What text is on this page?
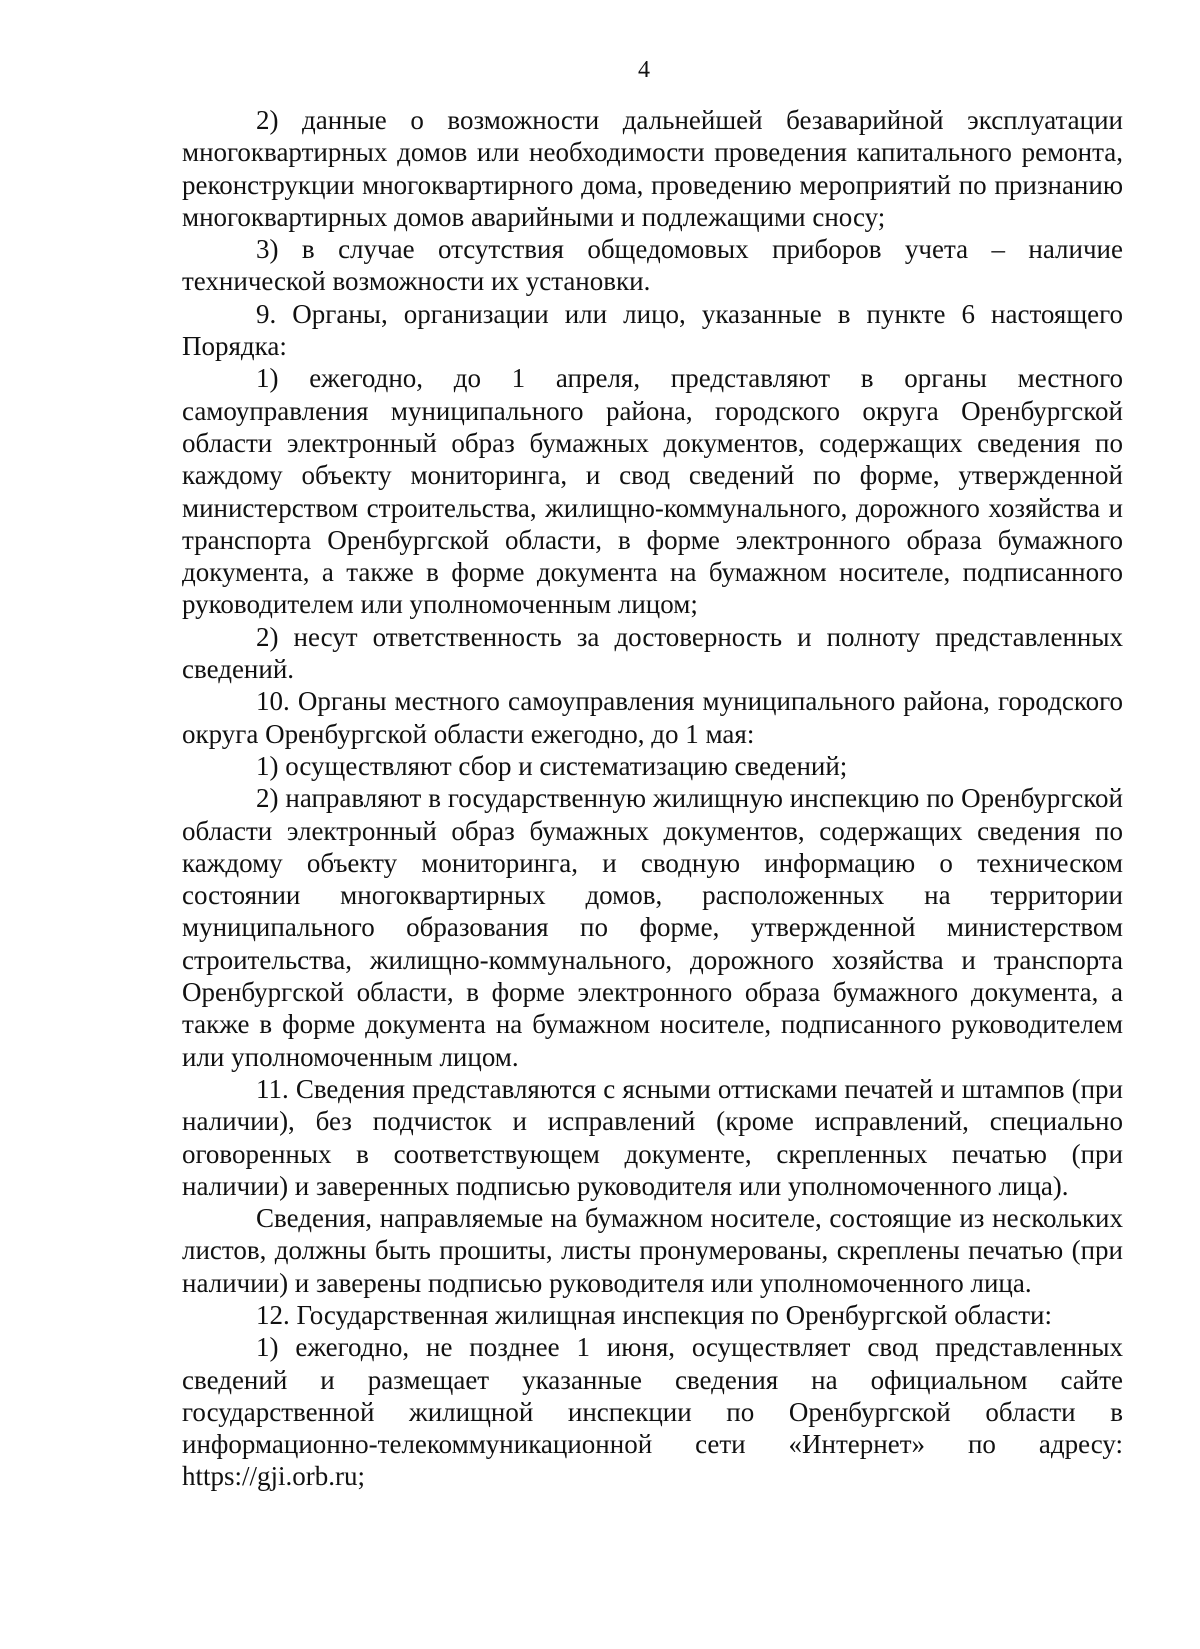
4

2) данные о возможности дальнейшей безаварийной эксплуатации многоквартирных домов или необходимости проведения капитального ремонта, реконструкции многоквартирного дома, проведению мероприятий по признанию многоквартирных домов аварийными и подлежащими сносу;

3) в случае отсутствия общедомовых приборов учета – наличие технической возможности их установки.

9. Органы, организации или лицо, указанные в пункте 6 настоящего Порядка:

1) ежегодно, до 1 апреля, представляют в органы местного самоуправления муниципального района, городского округа Оренбургской области электронный образ бумажных документов, содержащих сведения по каждому объекту мониторинга, и свод сведений по форме, утвержденной министерством строительства, жилищно-коммунального, дорожного хозяйства и транспорта Оренбургской области, в форме электронного образа бумажного документа, а также в форме документа на бумажном носителе, подписанного руководителем или уполномоченным лицом;

2) несут ответственность за достоверность и полноту представленных сведений.

10. Органы местного самоуправления муниципального района, городского округа Оренбургской области ежегодно, до 1 мая:

1) осуществляют сбор и систематизацию сведений;

2) направляют в государственную жилищную инспекцию по Оренбургской области электронный образ бумажных документов, содержащих сведения по каждому объекту мониторинга, и сводную информацию о техническом состоянии многоквартирных домов, расположенных на территории муниципального образования по форме, утвержденной министерством строительства, жилищно-коммунального, дорожного хозяйства и транспорта Оренбургской области, в форме электронного образа бумажного документа, а также в форме документа на бумажном носителе, подписанного руководителем или уполномоченным лицом.

11. Сведения представляются с ясными оттисками печатей и штампов (при наличии), без подчисток и исправлений (кроме исправлений, специально оговоренных в соответствующем документе, скрепленных печатью (при наличии) и заверенных подписью руководителя или уполномоченного лица).

Сведения, направляемые на бумажном носителе, состоящие из нескольких листов, должны быть прошиты, листы пронумерованы, скреплены печатью (при наличии) и заверены подписью руководителя или уполномоченного лица.

12. Государственная жилищная инспекция по Оренбургской области:

1) ежегодно, не позднее 1 июня, осуществляет свод представленных сведений и размещает указанные сведения на официальном сайте государственной жилищной инспекции по Оренбургской области в информационно-телекоммуникационной сети «Интернет» по адресу: https://gji.orb.ru;
